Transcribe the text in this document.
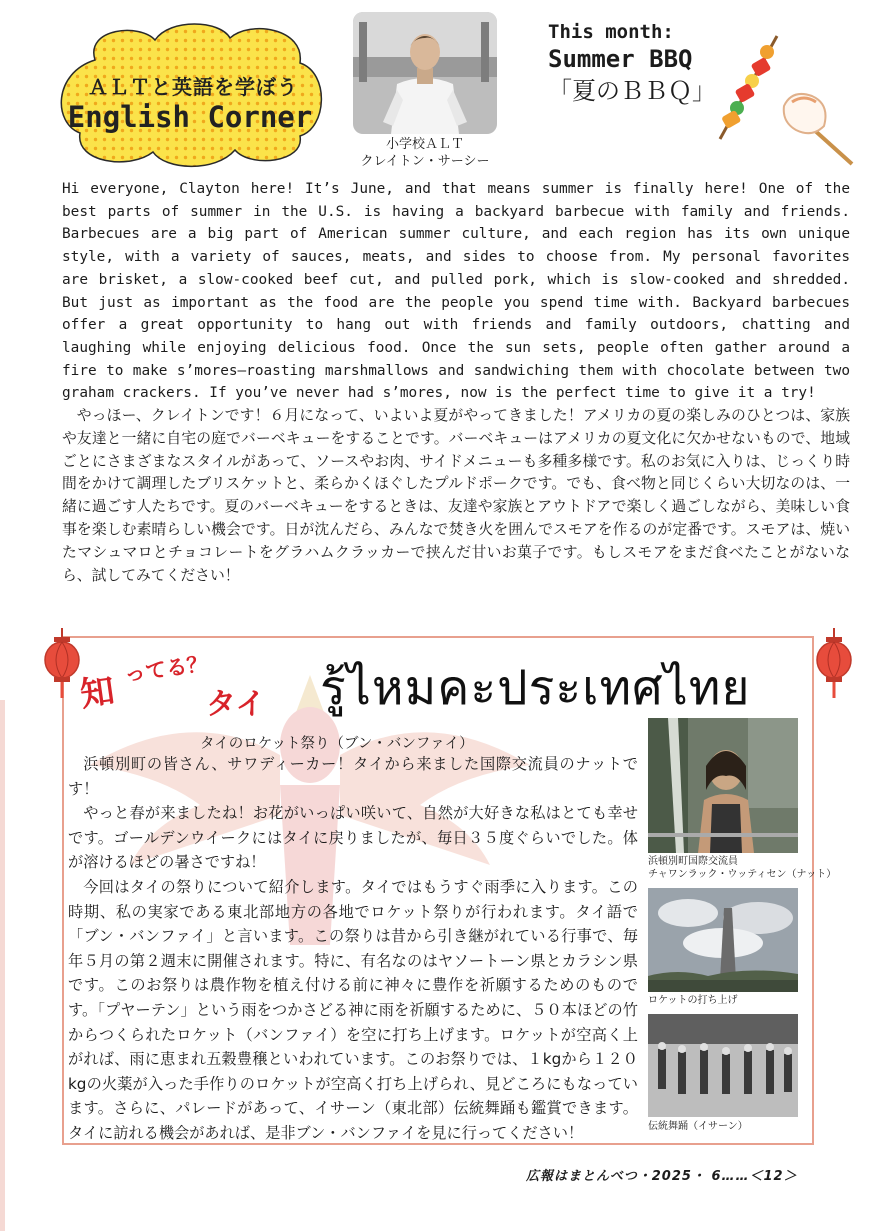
ＡＬＴと英語を学ぼう
English Corner
小学校ＡＬＴ
クレイトン・サーシー
This month:
Summer BBQ
「夏のＢＢＱ」

Hi everyone, Clayton here! It’s June, and that means summer is finally here! One of the best parts of summer in the U.S. is having a backyard barbecue with family and friends. Barbecues are a big part of American summer culture, and each region has its own unique style, with a variety of sauces, meats, and sides to choose from. My personal favorites are brisket, a slow-cooked beef cut, and pulled pork, which is slow-cooked and shredded. But just as important as the food are the people you spend time with. Backyard barbecues offer a great opportunity to hang out with friends and family outdoors, chatting and laughing while enjoying delicious food. Once the sun sets, people often gather around a fire to make s’mores—roasting marshmallows and sandwiching them with chocolate between two graham crackers. If you’ve never had s’mores, now is the perfect time to give it a try!

やっほー、クレイトンです！６月になって、いよいよ夏がやってきました！アメリカの夏の楽しみのひとつは、家族や友達と一緒に自宅の庭でバーベキューをすることです。バーベキューはアメリカの夏文化に欠かせないもので、地域ごとにさまざまなスタイルがあって、ソースやお肉、サイドメニューも多種多様です。私のお気に入りは、じっくり時間をかけて調理したブリスケットと、柔らかくほぐしたプルドポークです。でも、食べ物と同じくらい大切なのは、一緒に過ごす人たちです。夏のバーベキューをするときは、友達や家族とアウトドアで楽しく過ごしながら、美味しい食事を楽しむ素晴らしい機会です。日が沈んだら、みんなで焚き火を囲んでスモアを作るのが定番です。スモアは、焼いたマシュマロとチョコレートをグラハムクラッカーで挟んだ甘いお菓子です。もしスモアをまだ食べたことがないなら、試してみてください！

知
ってる？
タイ รู้ไหมคะประเทศไทย
タイのロケット祭り（ブン・バンファイ）

浜頓別町の皆さん、サワディーカー！タイから来ました国際交流員のナットです！

やっと春が来ましたね！お花がいっぱい咲いて、自然が大好きな私はとても幸せです。ゴールデンウイークにはタイに戻りましたが、毎日３５度ぐらいでした。体が溶けるほどの暑さですね！

今回はタイの祭りについて紹介します。タイではもうすぐ雨季に入ります。この時期、私の実家である東北部地方の各地でロケット祭りが行われます。タイ語で「ブン・バンファイ」と言います。この祭りは昔から引き継がれている行事で、毎年５月の第２週末に開催されます。特に、有名なのはヤソートーン県とカラシン県です。このお祭りは農作物を植え付ける前に神々に豊作を祈願するためのものです。「プヤーテン」という雨をつかさどる神に雨を祈願するために、５０本ほどの竹からつくられたロケット（バンファイ）を空に打ち上げます。ロケットが空高く上がれば、雨に恵まれ五穀豊穣といわれています。このお祭りでは、１kgから１２０kgの火薬が入った手作りのロケットが空高く打ち上げられ、見どころにもなっています。さらに、パレードがあって、イサーン（東北部）伝統舞踊も鑑賞できます。タイに訪れる機会があれば、是非ブン・バンファイを見に行ってください！

浜頓別町国際交流員
チャワンラック・ウッティセン（ナット）
ロケットの打ち上げ
伝統舞踊（イサーン）
広報はまとんべつ・2025・ 6……＜12＞
